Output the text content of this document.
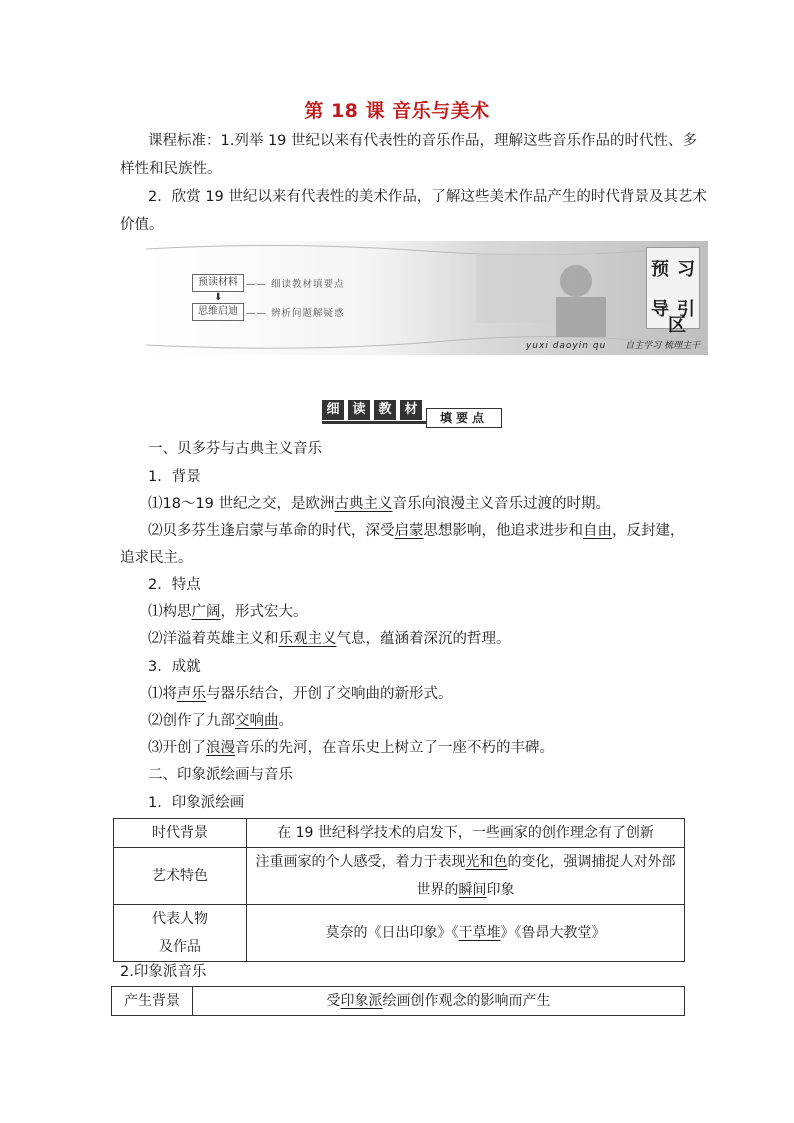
第 18 课 音乐与美术
课程标准：1.列举 19 世纪以来有代表性的音乐作品，理解这些音乐作品的时代性、多
样性和民族性。
2．欣赏 19 世纪以来有代表性的美术作品，了解这些美术作品产生的时代背景及其艺术
价值。
预读材料 —— 细读教材填要点
⬇
思维启迪 —— 辨析问题解疑惑
预 习
导 引
区
yuxi daoyin qu 自主学习 梳理主干
细 读 教 材
填要点
一、贝多芬与古典主义音乐
1．背景
⑴18～19 世纪之交，是欧洲古典主义音乐向浪漫主义音乐过渡的时期。
⑵贝多芬生逢启蒙与革命的时代，深受启蒙思想影响，他追求进步和自由，反封建，
追求民主。
2．特点
⑴构思广阔，形式宏大。
⑵洋溢着英雄主义和乐观主义气息，蕴涵着深沉的哲理。
3．成就
⑴将声乐与器乐结合，开创了交响曲的新形式。
⑵创作了九部交响曲。
⑶开创了浪漫音乐的先河，在音乐史上树立了一座不朽的丰碑。
二、印象派绘画与音乐
1．印象派绘画
时代背景	在 19 世纪科学技术的启发下，一些画家的创作理念有了创新
艺术特色	注重画家的个人感受，着力于表现光和色的变化，强调捕捉人对外部
世界的瞬间印象

代表人物
及作品	莫奈的《日出印象》《干草堆》《鲁昂大教堂》
2.印象派音乐
产生背景	受印象派绘画创作观念的影响而产生
